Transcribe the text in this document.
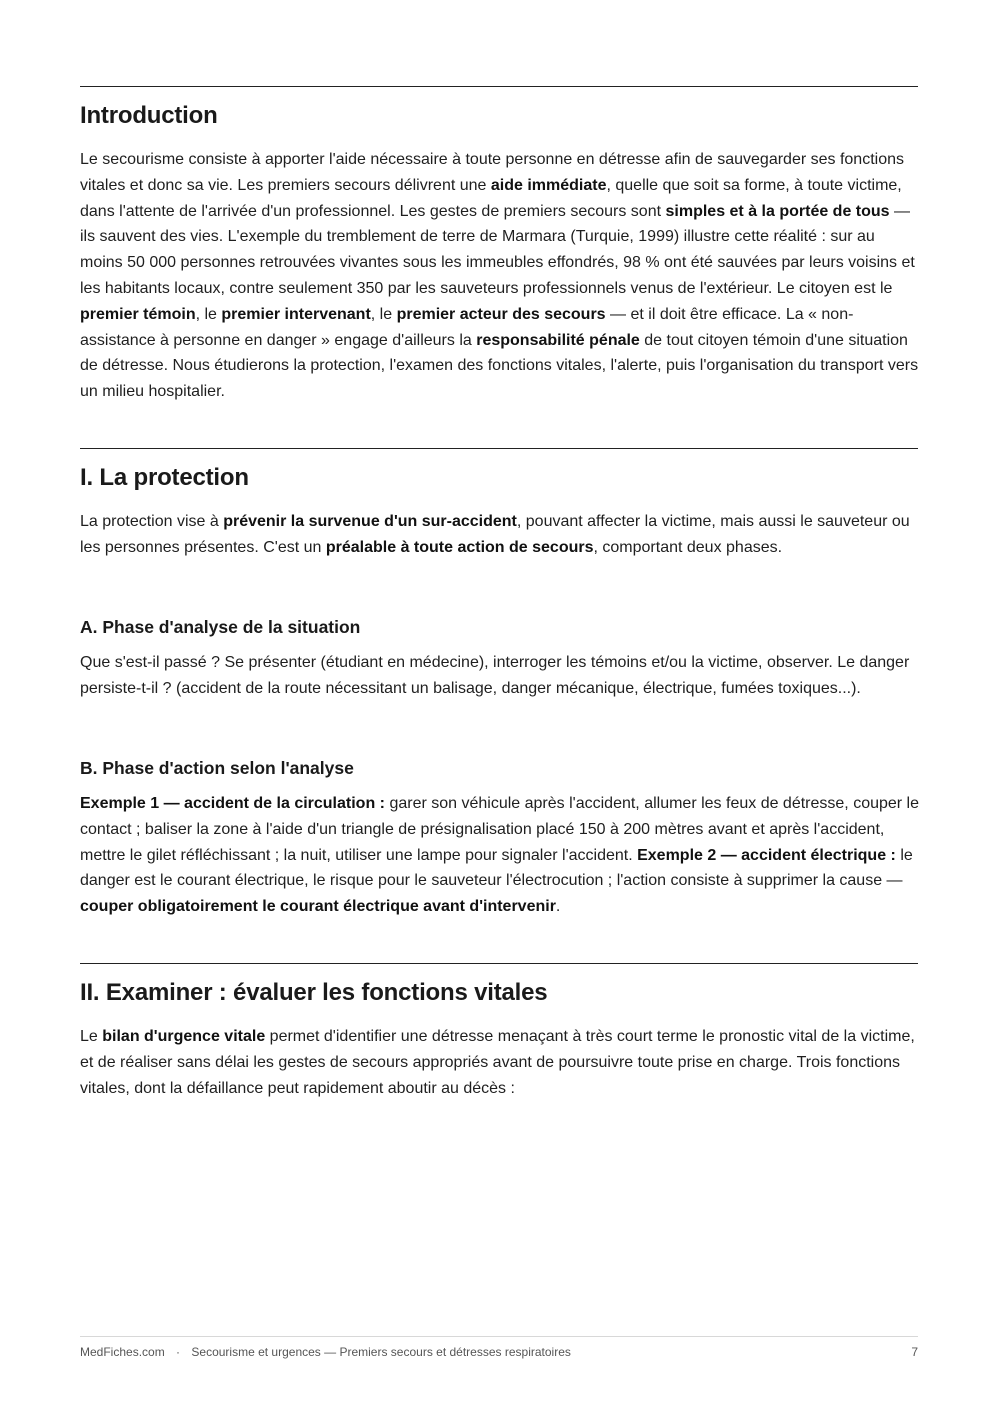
Introduction

Le secourisme consiste à apporter l'aide nécessaire à toute personne en détresse afin de sauvegarder ses fonctions vitales et donc sa vie. Les premiers secours délivrent une aide immédiate, quelle que soit sa forme, à toute victime, dans l'attente de l'arrivée d'un professionnel. Les gestes de premiers secours sont simples et à la portée de tous — ils sauvent des vies. L'exemple du tremblement de terre de Marmara (Turquie, 1999) illustre cette réalité : sur au moins 50 000 personnes retrouvées vivantes sous les immeubles effondrés, 98 % ont été sauvées par leurs voisins et les habitants locaux, contre seulement 350 par les sauveteurs professionnels venus de l'extérieur. Le citoyen est le premier témoin, le premier intervenant, le premier acteur des secours — et il doit être efficace. La « non-assistance à personne en danger » engage d'ailleurs la responsabilité pénale de tout citoyen témoin d'une situation de détresse. Nous étudierons la protection, l'examen des fonctions vitales, l'alerte, puis l'organisation du transport vers un milieu hospitalier.

I. La protection

La protection vise à prévenir la survenue d'un sur-accident, pouvant affecter la victime, mais aussi le sauveteur ou les personnes présentes. C'est un préalable à toute action de secours, comportant deux phases.

A. Phase d'analyse de la situation

Que s'est-il passé ? Se présenter (étudiant en médecine), interroger les témoins et/ou la victime, observer. Le danger persiste-t-il ? (accident de la route nécessitant un balisage, danger mécanique, électrique, fumées toxiques...).

B. Phase d'action selon l'analyse

Exemple 1 — accident de la circulation : garer son véhicule après l'accident, allumer les feux de détresse, couper le contact ; baliser la zone à l'aide d'un triangle de présignalisation placé 150 à 200 mètres avant et après l'accident, mettre le gilet réfléchissant ; la nuit, utiliser une lampe pour signaler l'accident. Exemple 2 — accident électrique : le danger est le courant électrique, le risque pour le sauveteur l'électrocution ; l'action consiste à supprimer la cause — couper obligatoirement le courant électrique avant d'intervenir.

II. Examiner : évaluer les fonctions vitales

Le bilan d'urgence vitale permet d'identifier une détresse menaçant à très court terme le pronostic vital de la victime, et de réaliser sans délai les gestes de secours appropriés avant de poursuivre toute prise en charge. Trois fonctions vitales, dont la défaillance peut rapidement aboutir au décès :

MedFiches.com · Secourisme et urgences — Premiers secours et détresses respiratoires	7
